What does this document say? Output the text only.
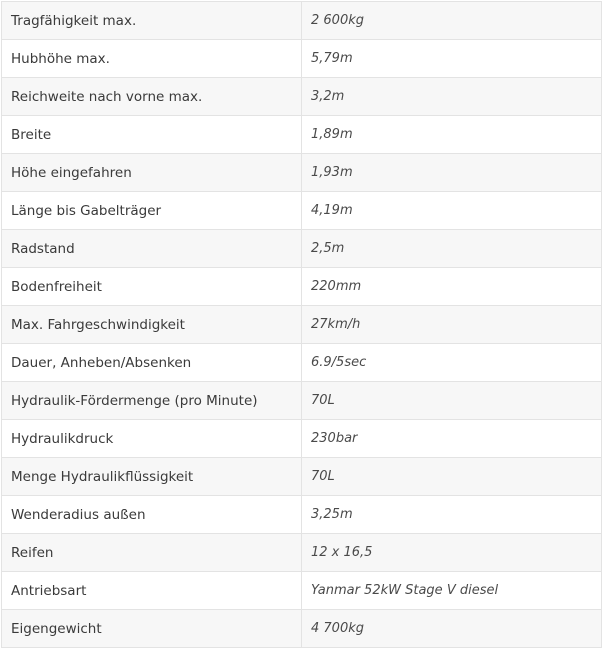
Tragfähigkeit max.	2 600kg
Hubhöhe max.	5,79m
Reichweite nach vorne max.	3,2m
Breite	1,89m
Höhe eingefahren	1,93m
Länge bis Gabelträger	4,19m
Radstand	2,5m
Bodenfreiheit	220mm
Max. Fahrgeschwindigkeit	27km/h
Dauer, Anheben/Absenken	6.9/5sec
Hydraulik-Fördermenge (pro Minute)	70L
Hydraulikdruck	230bar
Menge Hydraulikflüssigkeit	70L
Wenderadius außen	3,25m
Reifen	12 x 16,5
Antriebsart	Yanmar 52kW Stage V diesel
Eigengewicht	4 700kg
